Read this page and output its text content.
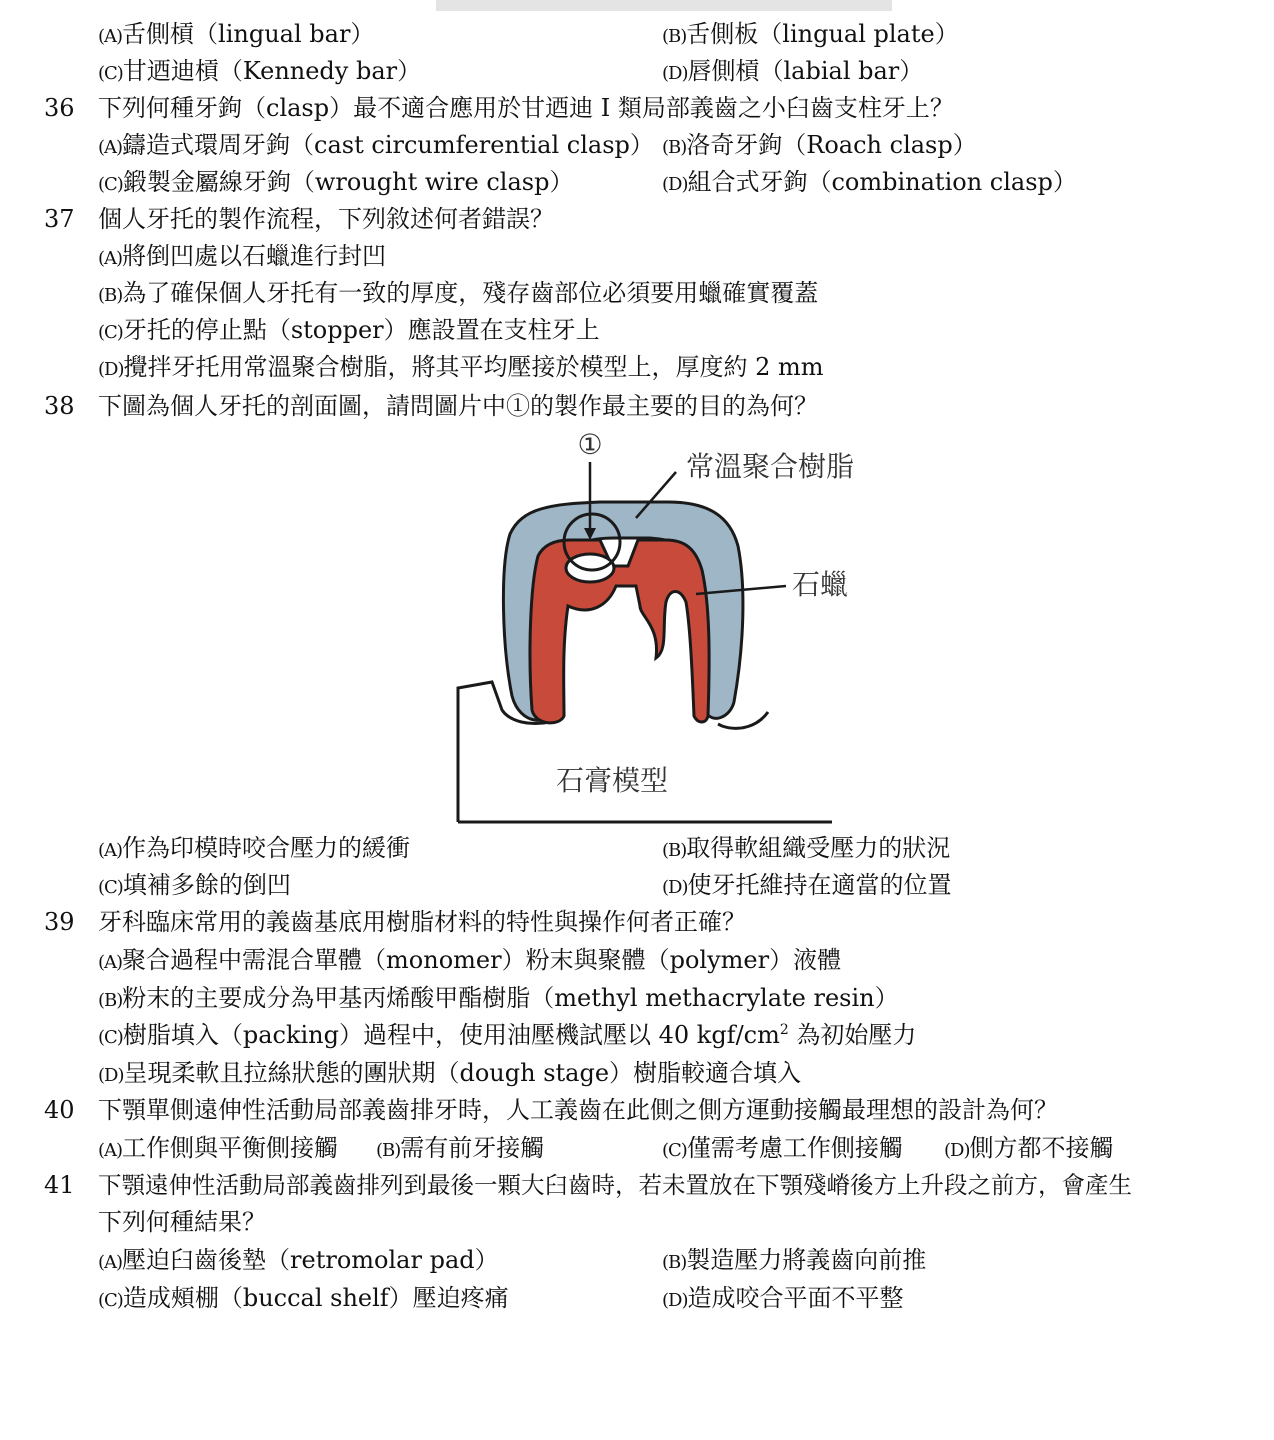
(A)舌側槓（lingual bar）	(B)舌側板（lingual plate）
(C)甘迺迪槓（Kennedy bar）	(D)唇側槓（labial bar）
36 下列何種牙鉤（clasp）最不適合應用於甘迺迪 I 類局部義齒之小臼齒支柱牙上？
(A)鑄造式環周牙鉤（cast circumferential clasp） (B)洛奇牙鉤（Roach clasp）
(C)鍛製金屬線牙鉤（wrought wire clasp）	(D)組合式牙鉤（combination clasp）
37 個人牙托的製作流程，下列敘述何者錯誤？
(A)將倒凹處以石蠟進行封凹
(B)為了確保個人牙托有一致的厚度，殘存齒部位必須要用蠟確實覆蓋
(C)牙托的停止點（stopper）應設置在支柱牙上
(D)攪拌牙托用常溫聚合樹脂，將其平均壓接於模型上，厚度約 2 mm
38 下圖為個人牙托的剖面圖，請問圖片中①的製作最主要的目的為何？
①
常溫聚合樹脂
石蠟
石膏模型
(A)作為印模時咬合壓力的緩衝	(B)取得軟組織受壓力的狀況
(C)填補多餘的倒凹	(D)使牙托維持在適當的位置
39 牙科臨床常用的義齒基底用樹脂材料的特性與操作何者正確？
(A)聚合過程中需混合單體（monomer）粉末與聚體（polymer）液體
(B)粉末的主要成分為甲基丙烯酸甲酯樹脂（methyl methacrylate resin）
(C)樹脂填入（packing）過程中，使用油壓機試壓以 40 kgf/$cm^2$ 為初始壓力
(D)呈現柔軟且拉絲狀態的團狀期（dough stage）樹脂較適合填入
40 下顎單側遠伸性活動局部義齒排牙時，人工義齒在此側之側方運動接觸最理想的設計為何？
(A)工作側與平衡側接觸 (B)需有前牙接觸	(C)僅需考慮工作側接觸 (D)側方都不接觸
41 下顎遠伸性活動局部義齒排列到最後一顆大臼齒時，若未置放在下顎殘嵴後方上升段之前方，會產生
下列何種結果？
(A)壓迫臼齒後墊（retromolar pad）	(B)製造壓力將義齒向前推
(C)造成頰棚（buccal shelf）壓迫疼痛	(D)造成咬合平面不平整
